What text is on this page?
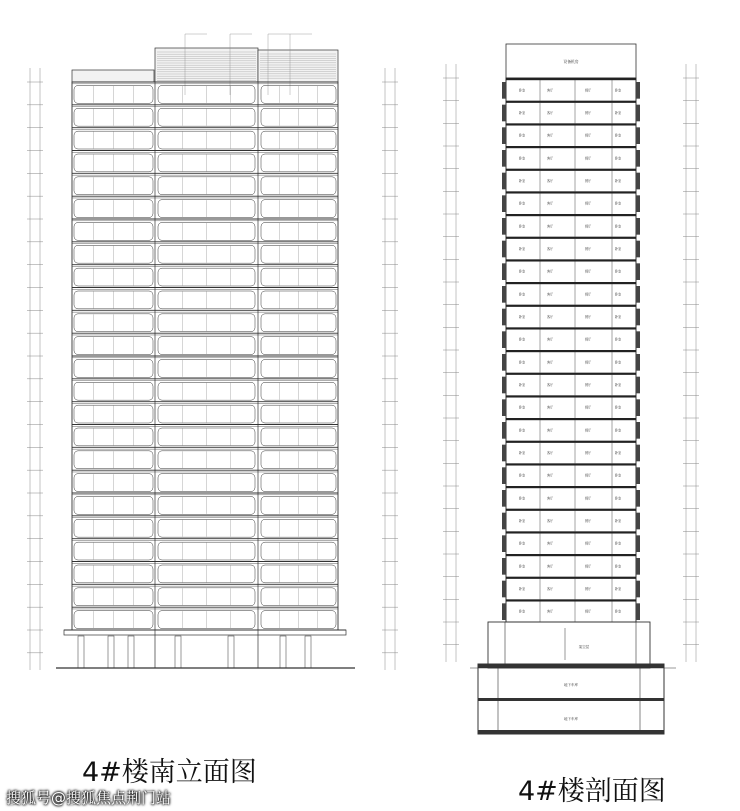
设备机房
卧室	客厅	餐厅	卧室
卧室	客厅	餐厅	卧室
卧室	客厅	餐厅	卧室
卧室	客厅	餐厅	卧室
卧室	客厅	餐厅	卧室
卧室	客厅	餐厅	卧室
卧室	客厅	餐厅	卧室
卧室	客厅	餐厅	卧室
卧室	客厅	餐厅	卧室
卧室	客厅	餐厅	卧室
卧室	客厅	餐厅	卧室
卧室	客厅	餐厅	卧室
卧室	客厅	餐厅	卧室
卧室	客厅	餐厅	卧室
卧室	客厅	餐厅	卧室
卧室	客厅	餐厅	卧室
卧室	客厅	餐厅	卧室
卧室	客厅	餐厅	卧室
卧室	客厅	餐厅	卧室
卧室	客厅	餐厅	卧室
卧室	客厅	餐厅	卧室
卧室	客厅	餐厅	卧室
卧室	客厅	餐厅	卧室
卧室	客厅	餐厅	卧室
架空层
地下车库
地下车库
4#楼南立面图
4#楼剖面图
搜狐号@搜狐焦点荆门站
